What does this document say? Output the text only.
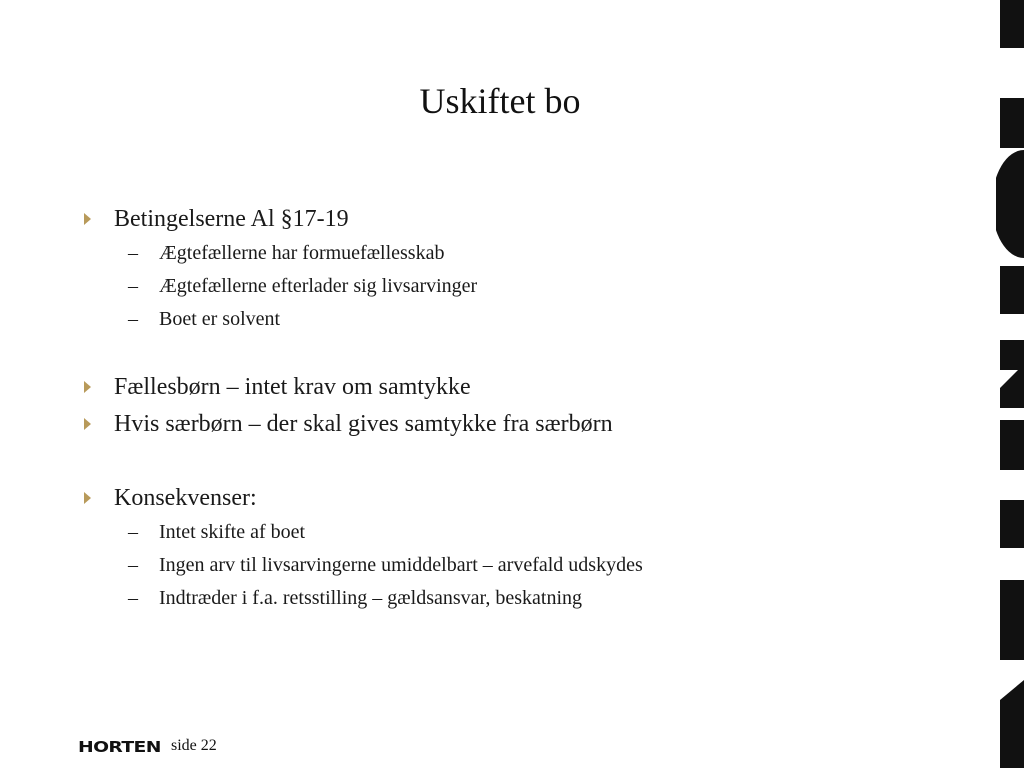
Uskiftet bo
Betingelserne Al §17-19
– Ægtefællerne har formuefællesskab
– Ægtefællerne efterlader sig livsarvinger
– Boet er solvent
Fællesbørn – intet krav om samtykke
Hvis særbørn – der skal gives samtykke fra særbørn
Konsekvenser:
– Intet skifte af boet
– Ingen arv til livsarvingerne umiddelbart – arvefald udskydes
– Indtræder i f.a. retsstilling – gældsansvar, beskatning
HORTEN side 22
